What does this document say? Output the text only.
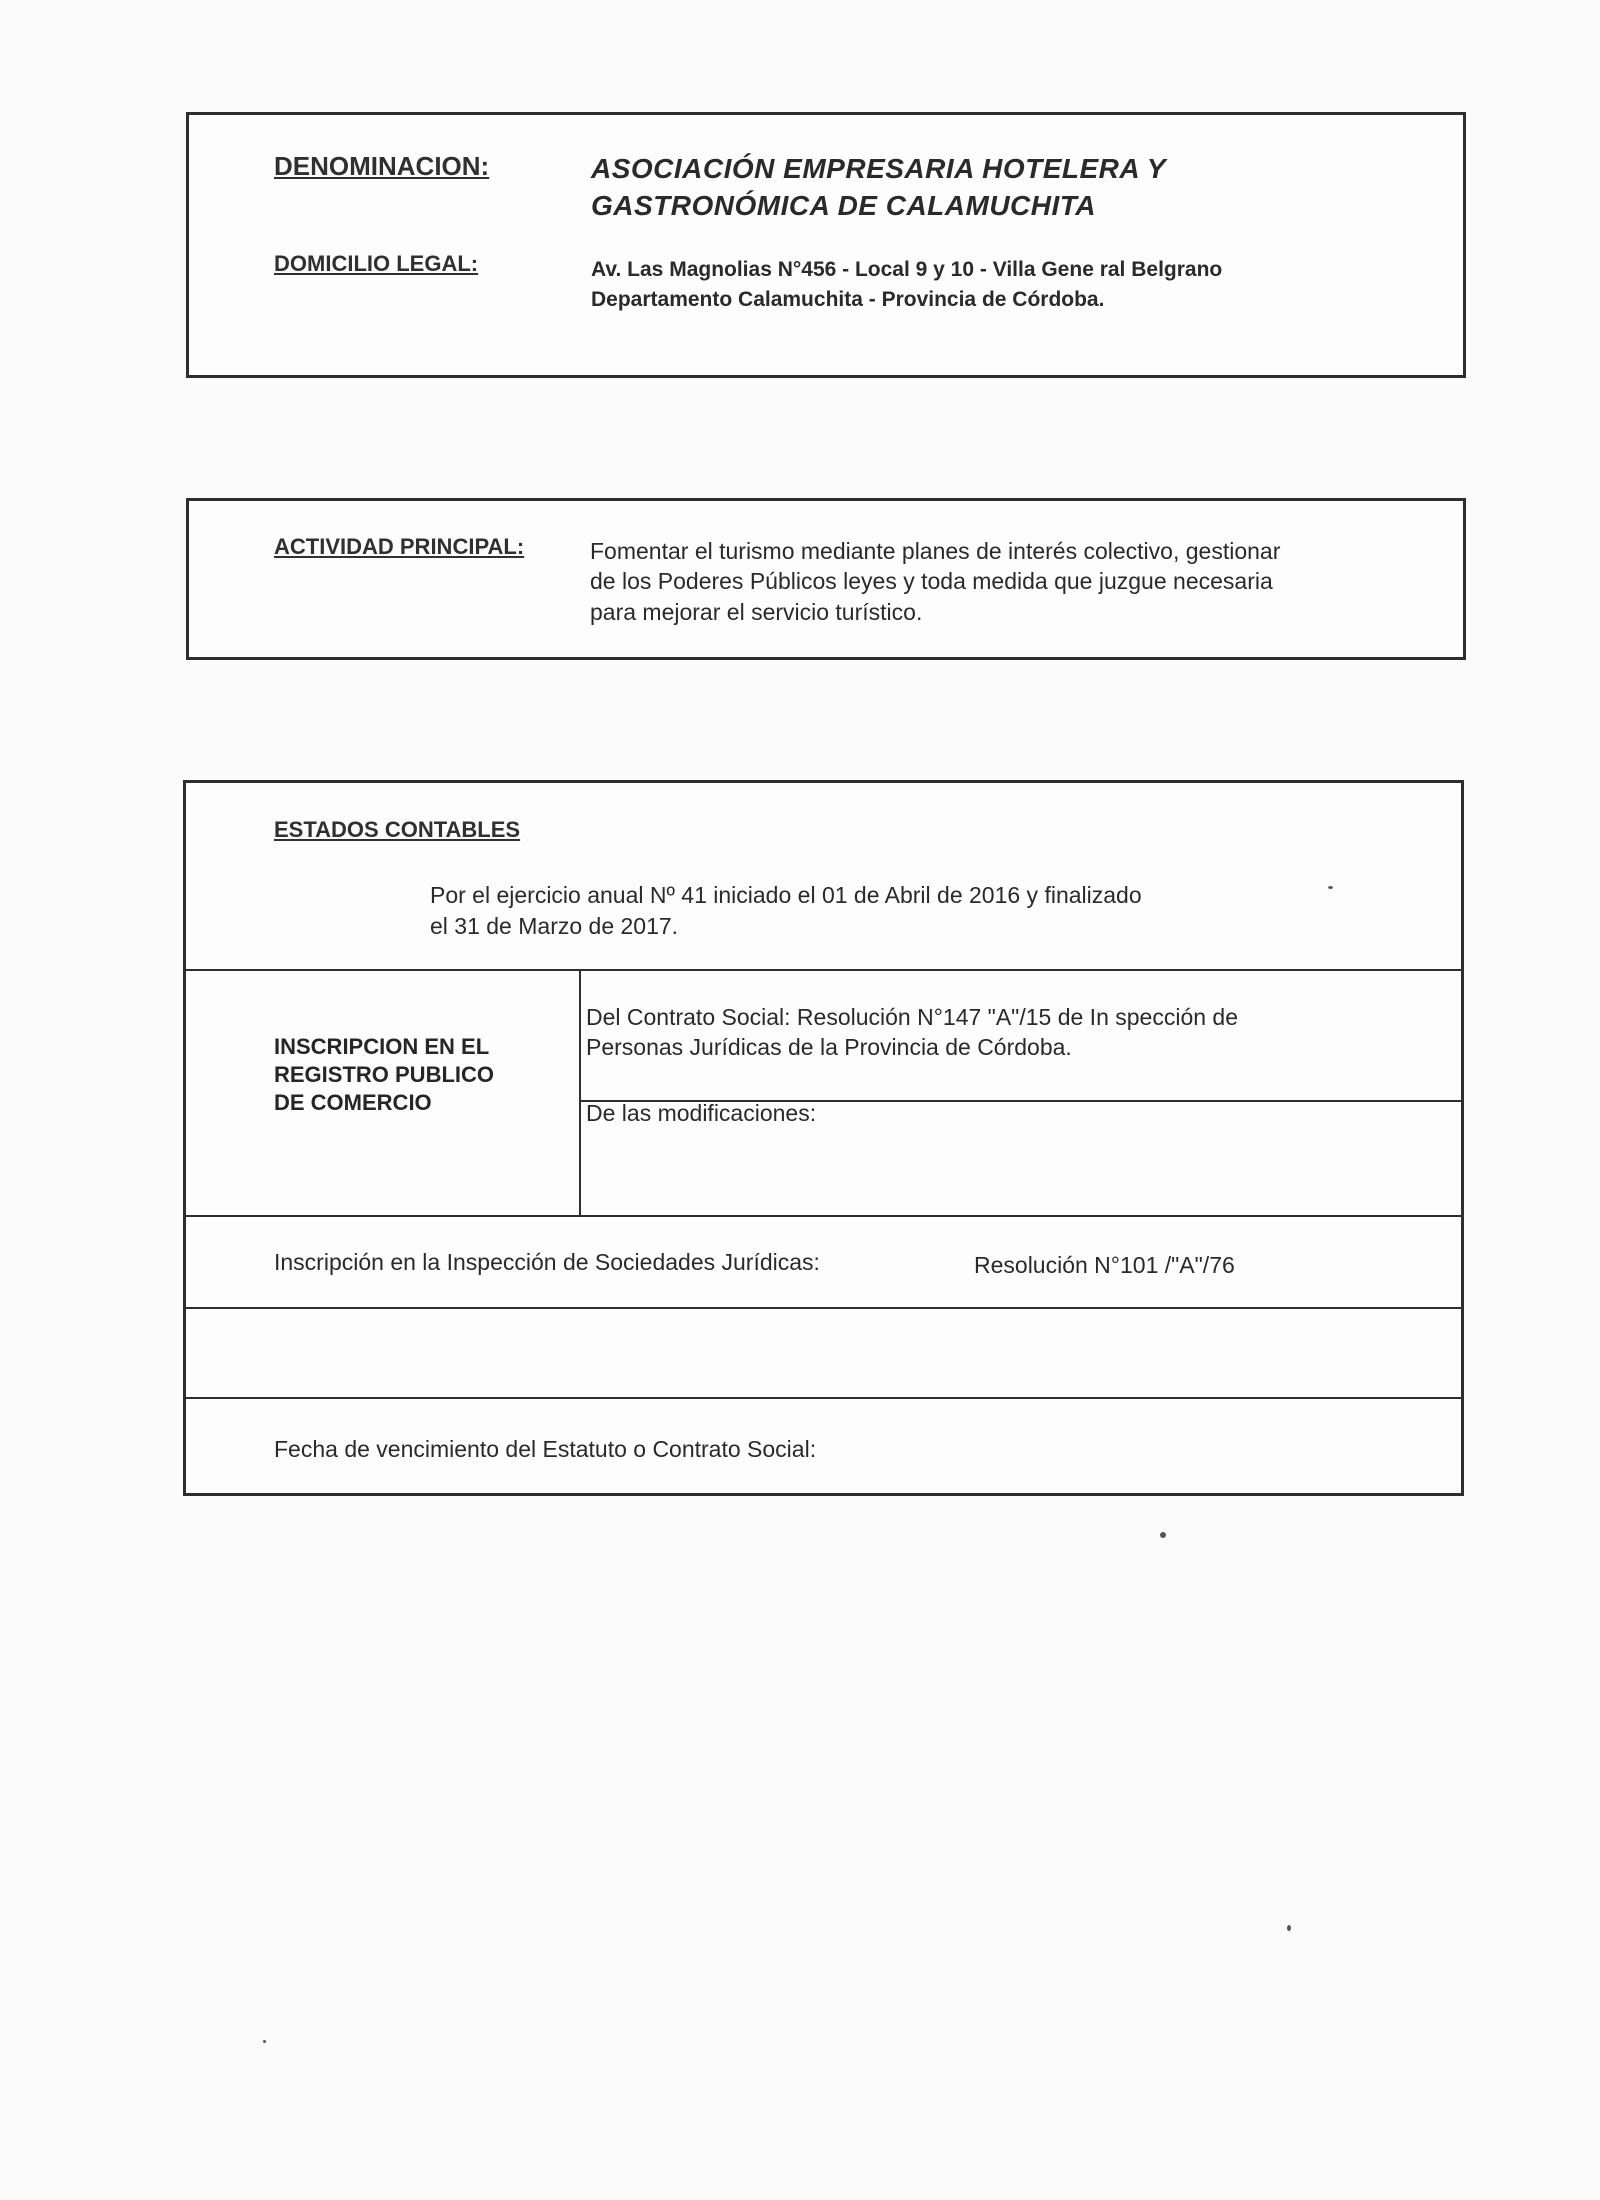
DENOMINACION:	ASOCIACIÓN EMPRESARIA HOTELERA Y
GASTRONÓMICA DE CALAMUCHITA
DOMICILIO LEGAL:	Av. Las Magnolias N°456 - Local 9 y 10 - Villa Gene ral Belgrano
Departamento Calamuchita - Provincia de Córdoba.
ACTIVIDAD PRINCIPAL:	Fomentar el turismo mediante planes de interés colectivo, gestionar
de los Poderes Públicos leyes y toda medida que juzgue necesaria
para mejorar el servicio turístico.
ESTADOS CONTABLES
Por el ejercicio anual Nº 41 iniciado el 01 de Abril de 2016 y finalizado
el 31 de Marzo de 2017.
INSCRIPCION EN EL
REGISTRO PUBLICO
DE COMERCIO
Del Contrato Social: Resolución N°147 "A"/15 de In spección de
Personas Jurídicas de la Provincia de Córdoba.
De las modificaciones:
Inscripción en la Inspección de Sociedades Jurídicas:	Resolución N°101 /"A"/76
Fecha de vencimiento del Estatuto o Contrato Social:
